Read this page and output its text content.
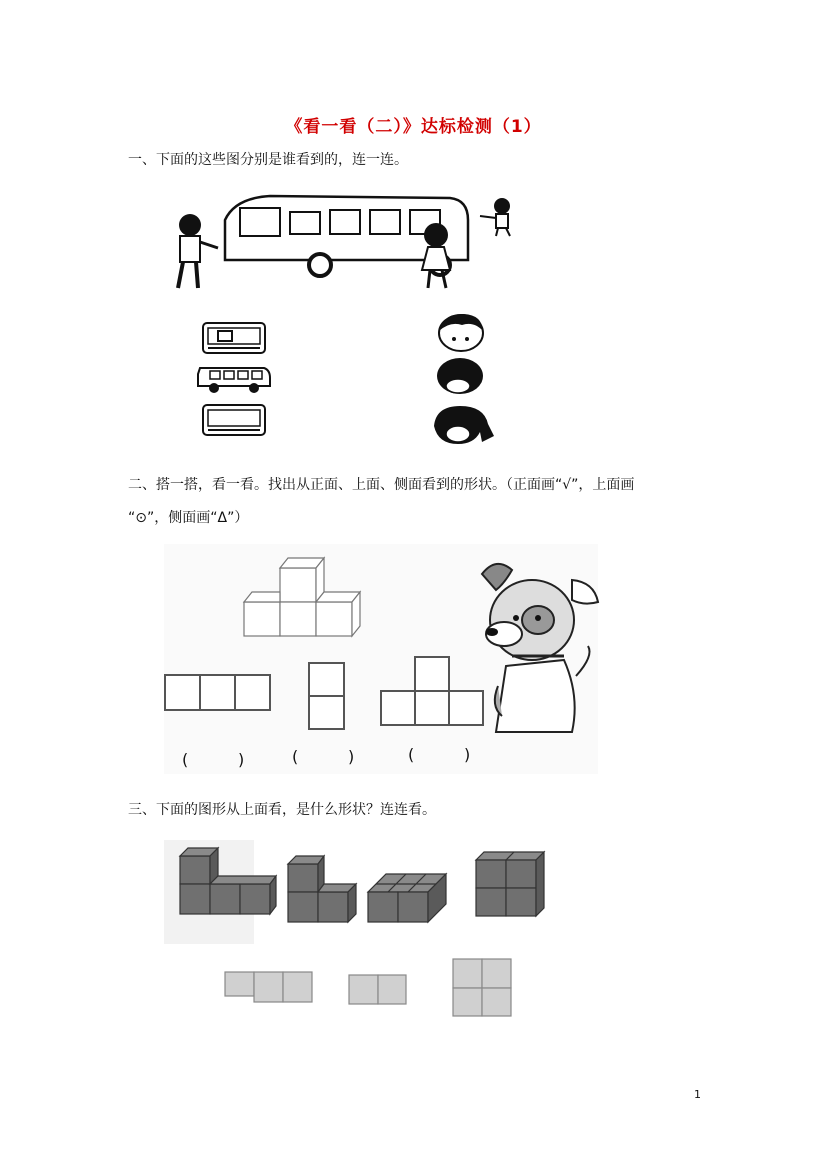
《看一看（二）》达标检测（1）
一、下面的这些图分别是谁看到的，连一连。
二、搭一搭，看一看。找出从正面、上面、侧面看到的形状。（正面画“√”，上面画
“⊙”，侧面画“Δ”）
(	)	(	)	(	)
三、下面的图形从上面看，是什么形状？连连看。
1
